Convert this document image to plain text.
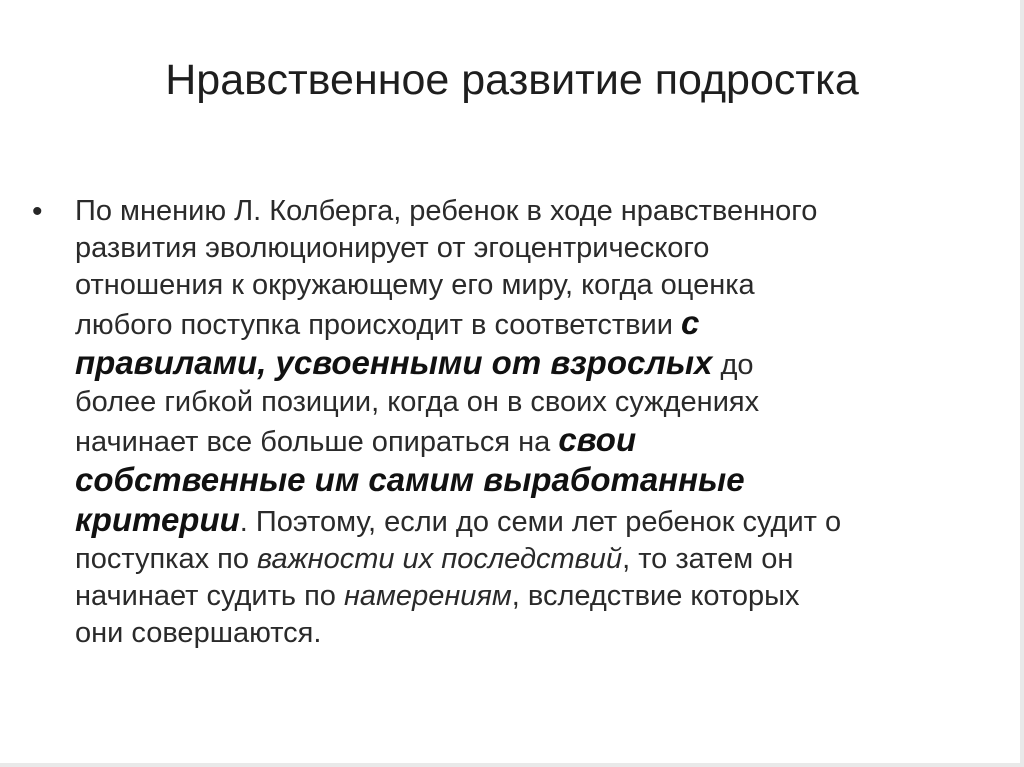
Нравственное развитие подростка
• По мнению Л. Колберга, ребенок в ходе нравственного
развития эволюционирует от эгоцентрического
отношения к окружающему его миру, когда оценка
любого поступка происходит в соответствии с
правилами, усвоенными от взрослых до
более гибкой позиции, когда он в своих суждениях
начинает все больше опираться на свои
собственные им самим выработанные
критерии. Поэтому, если до семи лет ребенок судит о
поступках по важности их последствий, то затем он
начинает судить по намерениям, вследствие которых
они совершаются.
